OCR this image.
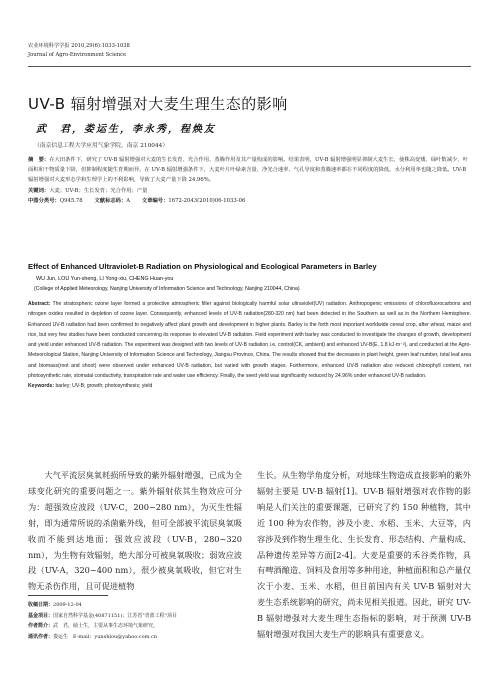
农业环境科学学报 2010,29(6):1033-1038
Journal of Agro-Environment Science
UV-B 辐射增强对大麦生理生态的影响
武　君，娄运生，李永秀，程焕友
（南京信息工程大学应用气象学院，南京 210044）
摘　要：在大田条件下，研究了 UV-B 辐射增强对大麦的生长发育、光合作用、蒸腾作用及其产量构成的影响。结果表明，UV-B 辐射增强明显抑制大麦生长，使株高变矮、绿叶数减少、叶面积和干物质量下降，但抑制程度随生育期而异。在 UV-B 辐射增强条件下，大麦叶片叶绿素含量、净光合速率、气孔导度和蒸腾速率都在不同程度的降低，水分利用率也随之降低。UV-B 辐射增强对大麦形态学和生理学上的不利影响，导致了大麦产量下降 24.96%。
关键词：大麦；UV-B；生长发育；光合作用；产量
中图分类号：Q945.78 文献标志码：A 文章编号：1672-2043(2010)06-1033-06
Effect of Enhanced Ultraviolet-B Radiation on Physiological and Ecological Parameters in Barley
WU Jun, LOU Yun-sheng, LI Yong-xiu, CHENG Huan-you
(College of Applied Meteorology, Nanjing University of Information Science and Technology, Nanjing 210044, China)
Abstract: The stratospheric ozone layer formed a protective atmospheric filter against biologically harmful solar ultraviolet(UV) radiation. Anthropogenic emissions of chlorofluorocarbons and nitrogen oxides resulted in depletion of ozone layer. Consequently, enhanced levels of UV-B radiation(280-320 nm) had been detected in the Southern as well as in the Northern Hemisphere. Enhanced UV-B radiation had been confirmed to negatively affect plant growth and development in higher plants. Barley is the forth most important worldwide cereal crop, after wheat, maize and rice, but very few studies have been conducted concerning its response to elevated UV-B radiation. Field experiment with barley was conducted to investigate the changes of growth, development and yield under enhanced UV-B radiation. The experiment was designed with two levels of UV-B radiation i.e. control(CK, ambient) and enhanced UV-B(E, 1.8 kJ·m⁻²), and conducted at the Agro-Meteorological Station, Nanjing University of Information Science and Technology, Jiangsu Province, China. The results showed that the decreases in plant height, green leaf number, total leaf area and biomass(root and shoot) were observed under enhanced UV-B radiation, but varied with growth stages. Furthermore, enhanced UV-B radiation also reduced chlorophyll content, net photosynthetic rate, stomatal conductivity, transpiration rate and water use efficiency. Finally, the seed yield was significantly reduced by 24.96% under enhanced UV-B radiation.
Keywords: barley; UV-B; growth; photosynthesis; yield
大气平流层臭氧耗损所导致的紫外辐射增强，已成为全球变化研究的重要问题之一。紫外辐射依其生物效应可分为：超强效应波段（UV-C，200~280 nm），为灭生性辐射，即为通常所说的杀菌紫外线，但可全部被平流层臭氧吸收而不能到达地面；强效应波段（UV-B，280~320 nm），为生物有效辐射，绝大部分可被臭氧吸收；弱效应波段（UV-A，320~400 nm），很少被臭氧吸收，但它对生物无杀伤作用，且可促进植物
生长。从生物学角度分析，对地球生物造成直接影响的紫外辐射主要是 UV-B 辐射[1]。UV-B 辐射增强对农作物的影响是人们关注的重要课题，已研究了约 150 种植物，其中近 100 种为农作物，涉及小麦、水稻、玉米、大豆等，内容涉及到作物生理生化、生长发育、形态结构、产量构成、品种遗传差异等方面[2-4]。大麦是重要的禾谷类作物，具有啤酒酿造、饲料及食用等多种用途，种植面积和总产量仅次于小麦、玉米、水稻，但目前国内有关 UV-B 辐射对大麦生态系统影响的研究，尚未见相关报道。因此，研究 UV-B 辐射增强对大麦生理生态指标的影响，对于预测 UV-B 辐射增强对我国大麦生产的影响具有重要意义。
收稿日期：2009-12-04
基金项目：国家自然科学基金(40871151)；江苏省"青蓝工程"项目
作者简介：武　君，硕士生，主要从事生态环境气象研究。
通讯作者：娄运生　E-mail：yunshlou@yahoo.com.cn
